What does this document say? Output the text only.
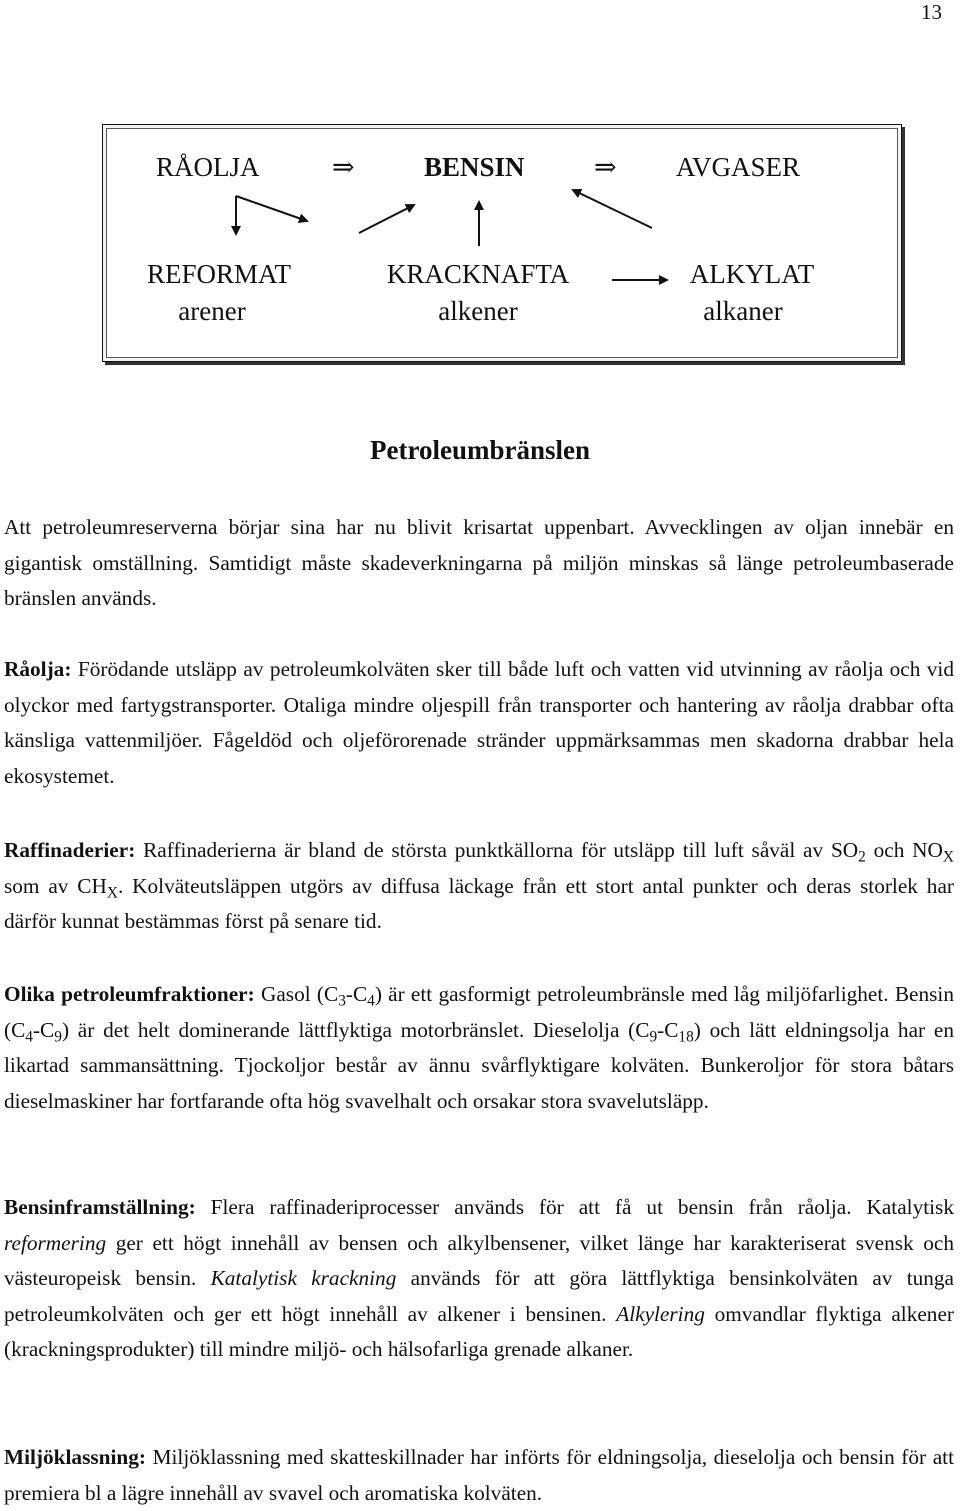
13
RÅOLJA	⇒	BENSIN	⇒ AVGASER
REFORMAT
arener
KRACKNAFTA
alkener
ALKYLAT
alkaner
Petroleumbränslen
Att petroleumreserverna börjar sina har nu blivit krisartat uppenbart. Avvecklingen av oljan innebär en gigantisk omställning. Samtidigt måste skadeverkningarna på miljön minskas så länge petroleumbaserade bränslen används.
Råolja: Förödande utsläpp av petroleumkolväten sker till både luft och vatten vid utvinning av råolja och vid olyckor med fartygstransporter. Otaliga mindre oljespill från transporter och hantering av råolja drabbar ofta känsliga vattenmiljöer. Fågeldöd och oljeförorenade stränder uppmärksammas men skadorna drabbar hela ekosystemet.
Raffinaderier: Raffinaderierna är bland de största punktkällorna för utsläpp till luft såväl av $SO_2$ och $NO_X$ som av $CH_X$. Kolväteutsläppen utgörs av diffusa läckage från ett stort antal punkter och deras storlek har därför kunnat bestämmas först på senare tid.
Olika petroleumfraktioner: Gasol $(C_3-C_4)$ är ett gasformigt petroleumbränsle med låg miljöfarlighet. Bensin $(C_4-C_9)$ är det helt dominerande lättflyktiga motorbränslet. Dieselolja $(C_9-C_{18})$ och lätt eldningsolja har en likartad sammansättning. Tjockoljor består av ännu svårflyktigare kolväten. Bunkeroljor för stora båtars dieselmaskiner har fortfarande ofta hög svavelhalt och orsakar stora svavelutsläpp.
Bensinframställning: Flera raffinaderiprocesser används för att få ut bensin från råolja. Katalytisk reformering ger ett högt innehåll av bensen och alkylbensener, vilket länge har karakteriserat svensk och västeuropeisk bensin. Katalytisk krackning används för att göra lättflyktiga bensinkolväten av tunga petroleumkolväten och ger ett högt innehåll av alkener i bensinen. Alkylering omvandlar flyktiga alkener (krackningsprodukter) till mindre miljö- och hälsofarliga grenade alkaner.
Miljöklassning: Miljöklassning med skatteskillnader har införts för eldningsolja, dieselolja och bensin för att premiera bl a lägre innehåll av svavel och aromatiska kolväten.
